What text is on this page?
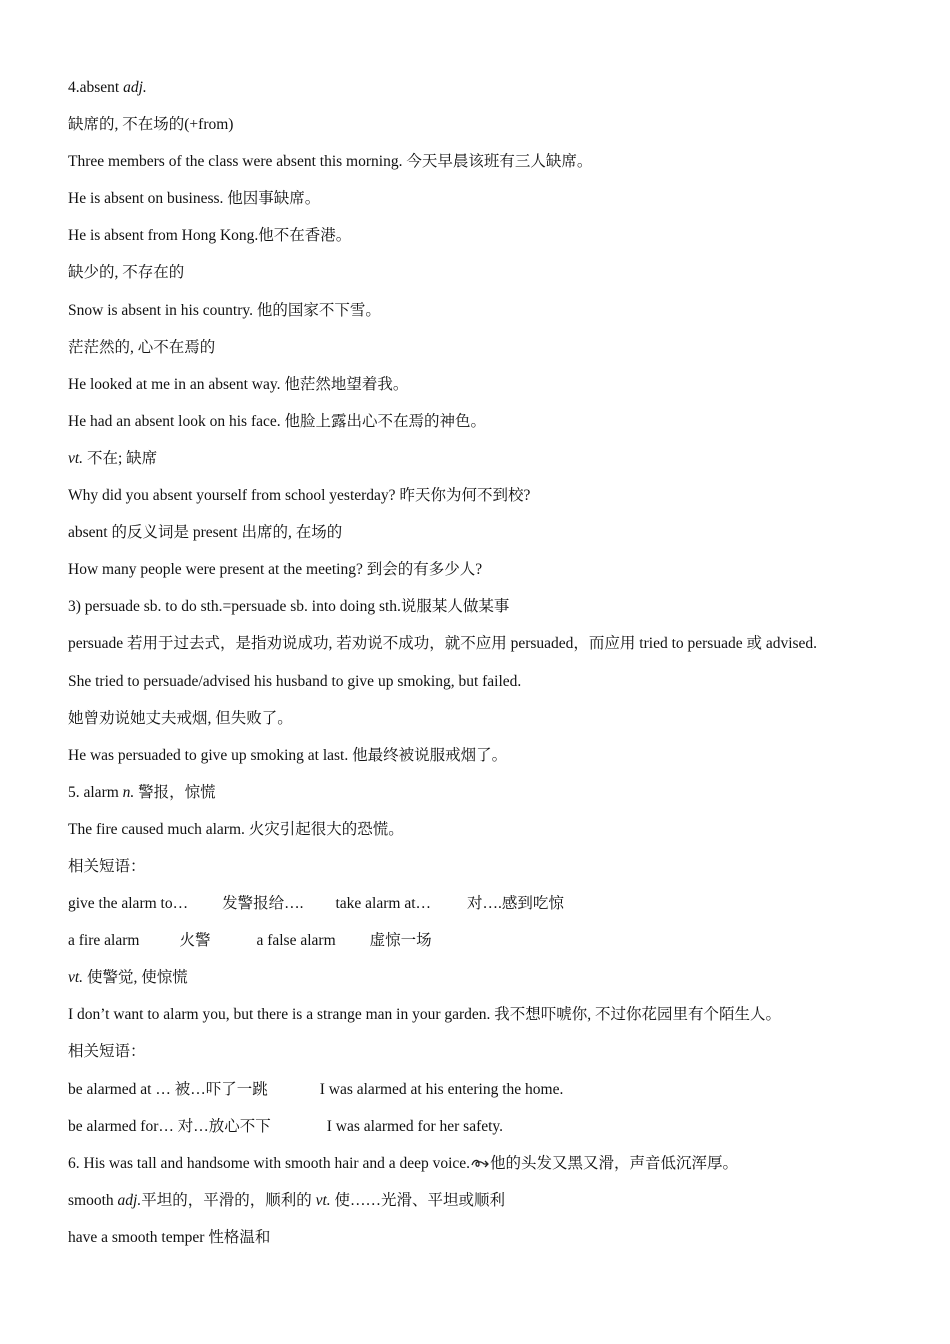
4.absent adj.
缺席的, 不在场的(+from)
Three members of the class were absent this morning. 今天早晨该班有三人缺席。
He is absent on business. 他因事缺席。
He is absent from Hong Kong.他不在香港。
缺少的, 不存在的
Snow is absent in his country. 他的国家不下雪。
茫茫然的, 心不在焉的
He looked at me in an absent way. 他茫然地望着我。
He had an absent look on his face. 他脸上露出心不在焉的神色。
vt. 不在; 缺席
Why did you absent yourself from school yesterday? 昨天你为何不到校?
absent 的反义词是 present 出席的, 在场的
How many people were present at the meeting? 到会的有多少人?
3) persuade sb. to do sth.=persuade sb. into doing sth.说服某人做某事
persuade 若用于过去式，是指劝说成功, 若劝说不成功，就不应用 persuaded，而应用 tried to persuade 或 advised.
She tried to persuade/advised his husband to give up smoking, but failed.
她曾劝说她丈夫戒烟, 但失败了。
He was persuaded to give up smoking at last. 他最终被说服戒烟了。
5. alarm n. 警报，惊慌
The fire caused much alarm. 火灾引起很大的恐慌。
相关短语：
give the alarm to… 发警报给…. take alarm at… 对….感到吃惊
a fire alarm	火警	a false alarm 虚惊一场
vt. 使警觉, 使惊慌
I don’t want to alarm you, but there is a strange man in your garden. 我不想吓唬你, 不过你花园里有个陌生人。
相关短语：
be alarmed at … 被…吓了一跳	I was alarmed at his entering the home.
be alarmed for… 对…放心不下	I was alarmed for her safety.
6. His was tall and handsome with smooth hair and a deep voice. 他的头发又黑又滑，声音低沉浑厚。
smooth adj.平坦的，平滑的，顺利的 vt. 使……光滑、平坦或顺利
have a smooth temper 性格温和
